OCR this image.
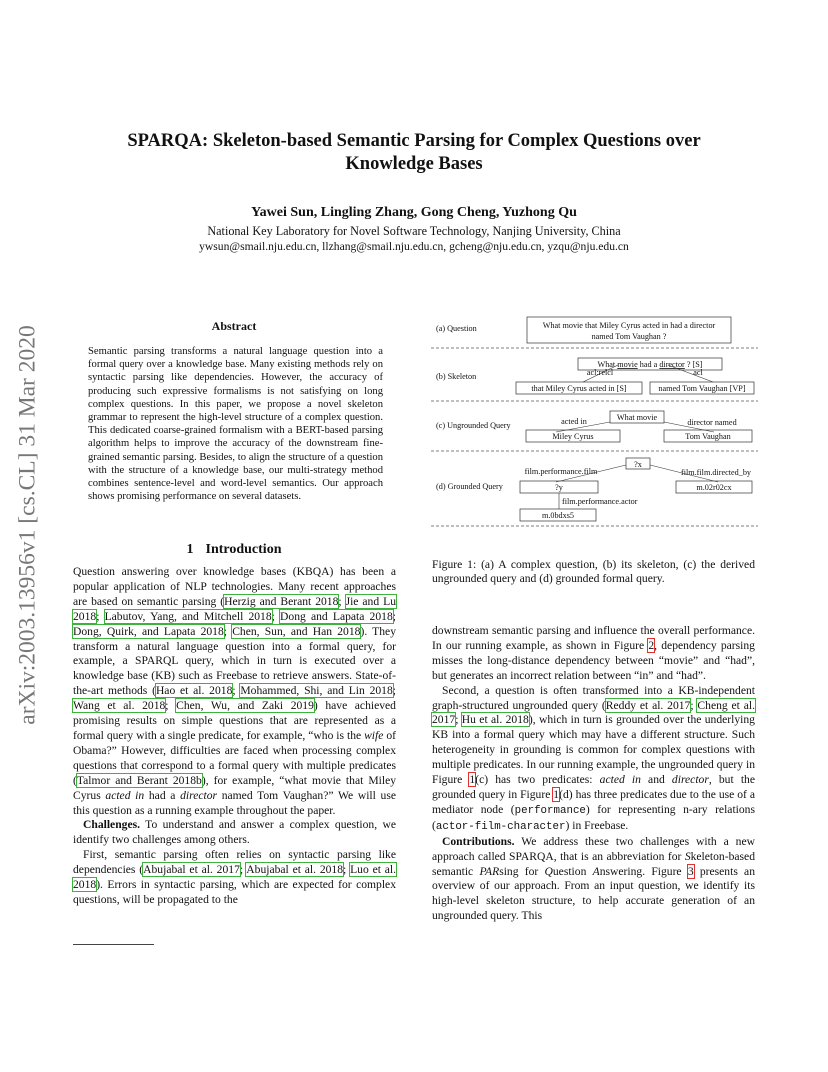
SPARQA: Skeleton-based Semantic Parsing for Complex Questions over
Knowledge Bases
Yawei Sun, Lingling Zhang, Gong Cheng, Yuzhong Qu
National Key Laboratory for Novel Software Technology, Nanjing University, China
ywsun@smail.nju.edu.cn, llzhang@smail.nju.edu.cn, gcheng@nju.edu.cn, yzqu@nju.edu.cn
arXiv:2003.13956v1 [cs.CL] 31 Mar 2020	Abstract
Semantic parsing transforms a natural language question into a formal query over a knowledge base. Many existing methods rely on syntactic parsing like dependencies. However, the accuracy of producing such expressive formalisms is not satisfying on long complex questions. In this paper, we propose a novel skeleton grammar to represent the high-level structure of a complex question. This dedicated coarse-grained formalism with a BERT-based parsing algorithm helps to improve the accuracy of the downstream fine-grained semantic parsing. Besides, to align the structure of a question with the structure of a knowledge base, our multi-strategy method combines sentence-level and word-level semantics. Our approach shows promising performance on several datasets.
1 Introduction

Question answering over knowledge bases (KBQA) has been a popular application of NLP technologies. Many recent approaches are based on semantic parsing (Herzig and Berant 2018; Jie and Lu 2018; Labutov, Yang, and Mitchell 2018; Dong and Lapata 2018; Dong, Quirk, and Lapata 2018; Chen, Sun, and Han 2018). They transform a natural language question into a formal query, for example, a SPARQL query, which in turn is executed over a knowledge base (KB) such as Freebase to retrieve answers. State-of-the-art methods (Hao et al. 2018; Mohammed, Shi, and Lin 2018; Wang et al. 2018; Chen, Wu, and Zaki 2019) have achieved promising results on simple questions that are represented as a formal query with a single predicate, for example, “who is the wife of Obama?” However, difficulties are faced when processing complex questions that correspond to a formal query with multiple predicates (Talmor and Berant 2018b), for example, “what movie that Miley Cyrus acted in had a director named Tom Vaughan?” We will use this question as a running example throughout the paper.

Challenges. To understand and answer a complex question, we identify two challenges among others.

First, semantic parsing often relies on syntactic parsing like dependencies (Abujabal et al. 2017; Abujabal et al. 2018; Luo et al. 2018). Errors in syntactic parsing, which are expected for complex questions, will be propagated to the

(a) Question
(b) Skeleton
(c) Ungrounded Query
(d) Grounded Query
What movie that Miley Cyrus acted in had a director
named Tom Vaughan ?
What movie had a director ? [S]
acl:relcl	acl
that Miley Cyrus acted in [S]	named Tom Vaughan [VP]
What movie
acted in	director named
Miley Cyrus	Tom Vaughan
?x
film.performance.film	film.film.directed_by
?y	m.02r02cx
film.performance.actor
m.0bdxs5
Figure 1: (a) A complex question, (b) its skeleton, (c) the derived ungrounded query and (d) grounded formal query.

downstream semantic parsing and influence the overall performance. In our running example, as shown in Figure 2, dependency parsing misses the long-distance dependency between “movie” and “had”, but generates an incorrect relation between “in” and “had”.

Second, a question is often transformed into a KB-independent graph-structured ungrounded query (Reddy et al. 2017; Cheng et al. 2017; Hu et al. 2018), which in turn is grounded over the underlying KB into a formal query which may have a different structure. Such heterogeneity in grounding is common for complex questions with multiple predicates. In our running example, the ungrounded query in Figure 1(c) has two predicates: acted in and director, but the grounded query in Figure 1(d) has three predicates due to the use of a mediator node (performance) for representing n-ary relations (actor-film-character) in Freebase.

Contributions. We address these two challenges with a new approach called SPARQA, that is an abbreviation for Skeleton-based semantic PARsing for Question Answering. Figure 3 presents an overview of our approach. From an input question, we identify its high-level skeleton structure, to help accurate generation of an ungrounded query. This
